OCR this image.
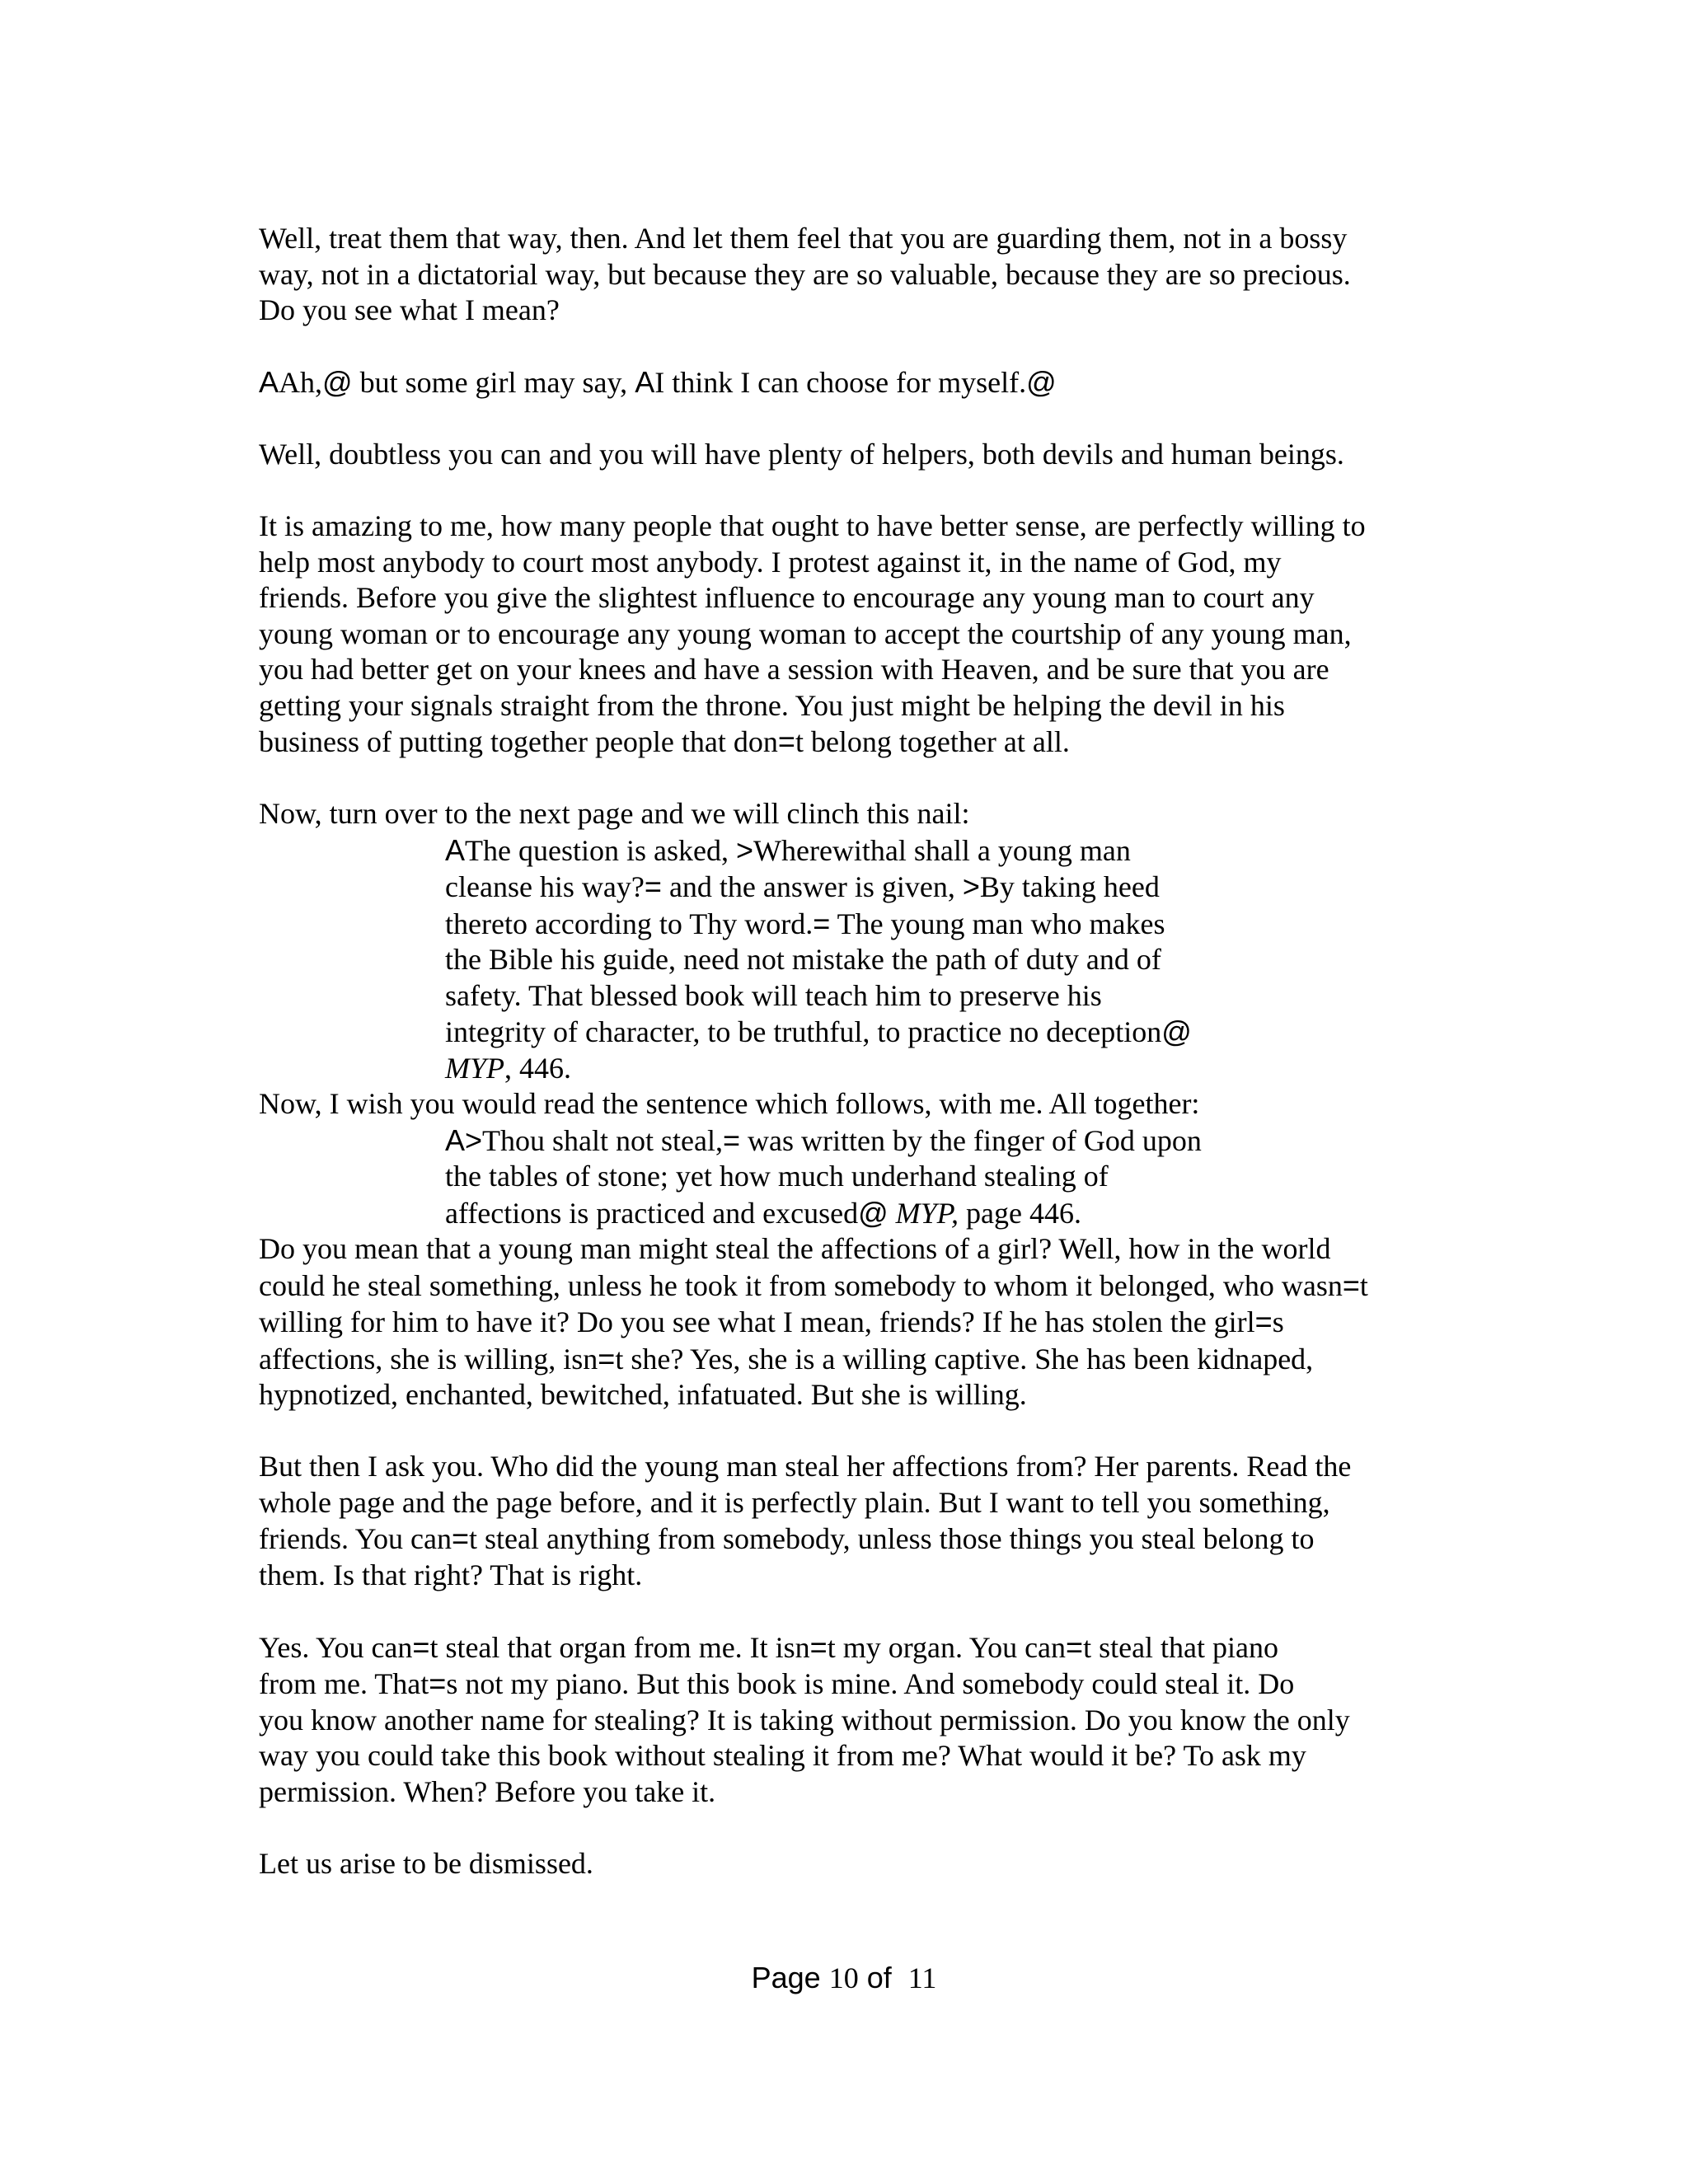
Well, treat them that way, then. And let them feel that you are guarding them, not in a bossy
way, not in a dictatorial way, but because they are so valuable, because they are so precious.
Do you see what I mean?

AAh,@ but some girl may say, AI think I can choose for myself.@

Well, doubtless you can and you will have plenty of helpers, both devils and human beings.

It is amazing to me, how many people that ought to have better sense, are perfectly willing to
help most anybody to court most anybody. I protest against it, in the name of God, my
friends. Before you give the slightest influence to encourage any young man to court any
young woman or to encourage any young woman to accept the courtship of any young man,
you had better get on your knees and have a session with Heaven, and be sure that you are
getting your signals straight from the throne. You just might be helping the devil in his
business of putting together people that don=t belong together at all.

Now, turn over to the next page and we will clinch this nail:

AThe question is asked, >Wherewithal shall a young man
cleanse his way?= and the answer is given, >By taking heed
thereto according to Thy word.= The young man who makes
the Bible his guide, need not mistake the path of duty and of
safety. That blessed book will teach him to preserve his
integrity of character, to be truthful, to practice no deception@
MYP, 446.

Now, I wish you would read the sentence which follows, with me. All together:

A>Thou shalt not steal,= was written by the finger of God upon
the tables of stone; yet how much underhand stealing of
affections is practiced and excused@ MYP, page 446.

Do you mean that a young man might steal the affections of a girl? Well, how in the world
could he steal something, unless he took it from somebody to whom it belonged, who wasn=t
willing for him to have it? Do you see what I mean, friends? If he has stolen the girl=s
affections, she is willing, isn=t she? Yes, she is a willing captive. She has been kidnaped,
hypnotized, enchanted, bewitched, infatuated. But she is willing.

But then I ask you. Who did the young man steal her affections from? Her parents. Read the
whole page and the page before, and it is perfectly plain. But I want to tell you something,
friends. You can=t steal anything from somebody, unless those things you steal belong to
them. Is that right? That is right.

Yes. You can=t steal that organ from me. It isn=t my organ. You can=t steal that piano
from me. That=s not my piano. But this book is mine. And somebody could steal it. Do
you know another name for stealing? It is taking without permission. Do you know the only
way you could take this book without stealing it from me? What would it be? To ask my
permission. When? Before you take it.

Let us arise to be dismissed.

Page 10 of  11
